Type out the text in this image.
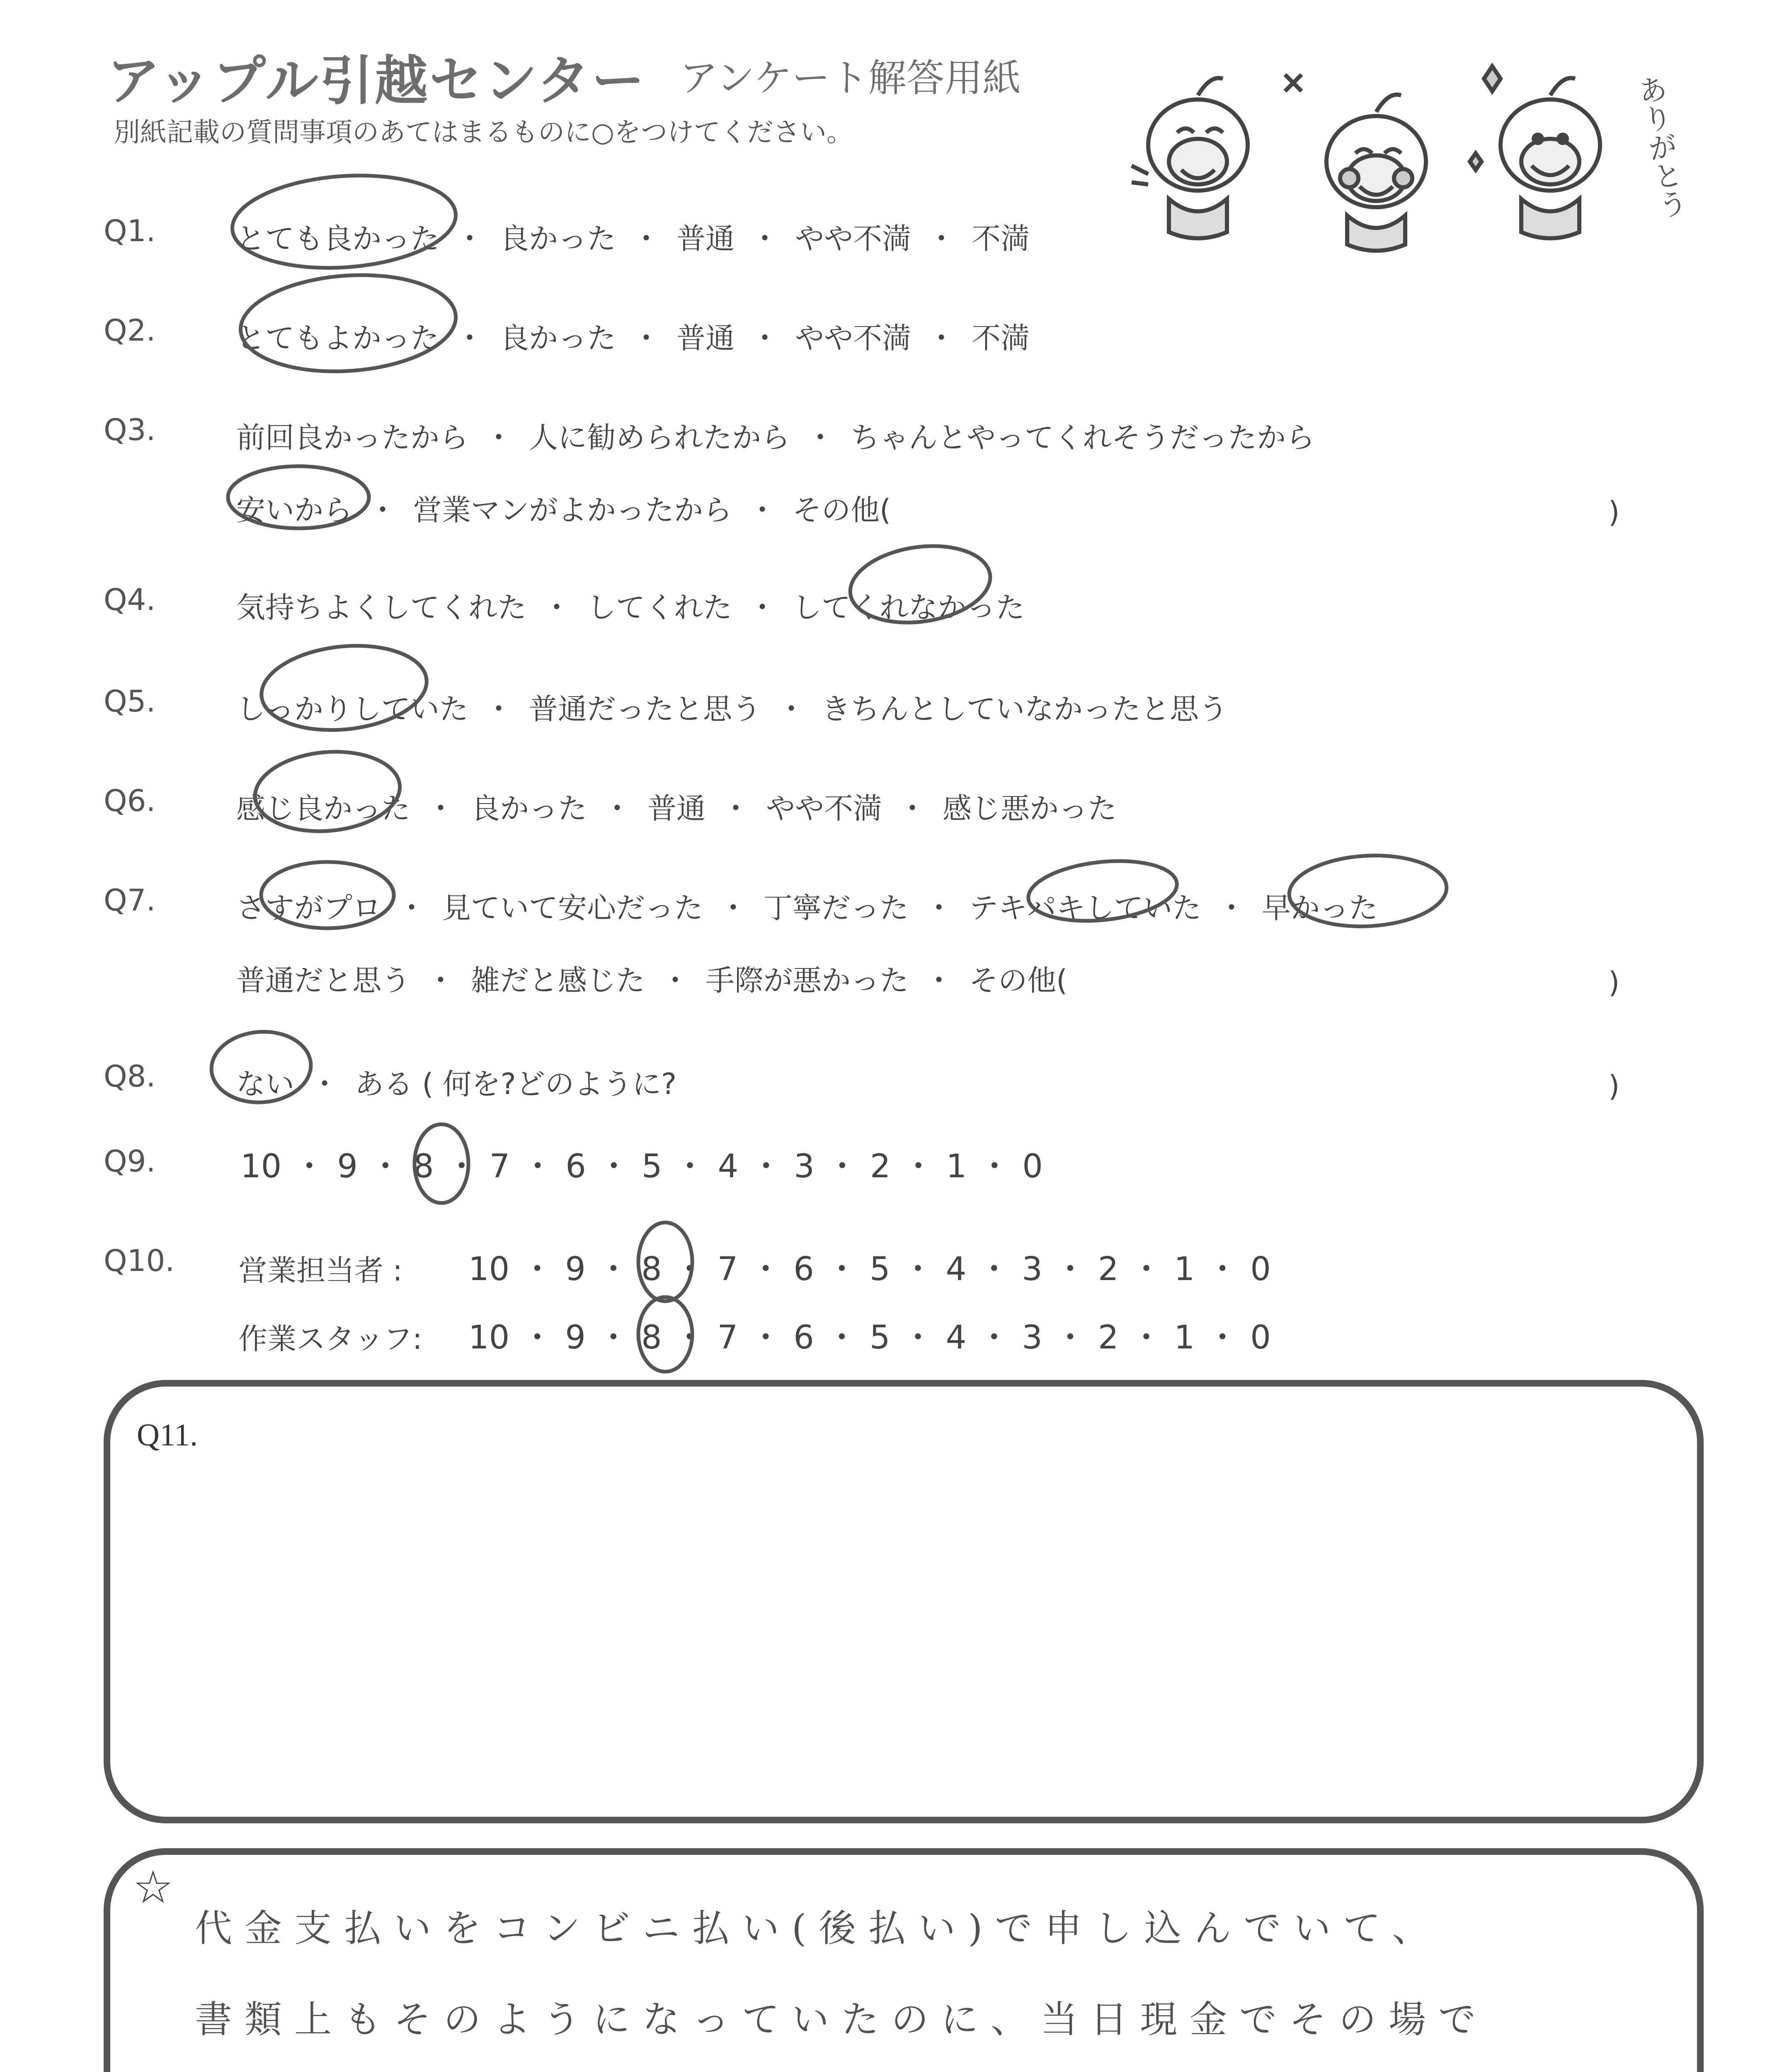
アップル引越センター アンケート解答用紙
別紙記載の質問事項のあてはまるものに○をつけてください。	ありがとう
Q1.	とても良かった ・ 良かった ・ 普通 ・ やや不満 ・ 不満
Q2.	とてもよかった ・ 良かった ・ 普通 ・ やや不満 ・ 不満
Q3.	前回良かったから ・ 人に勧められたから ・ ちゃんとやってくれそうだったから
安いから ・ 営業マンがよかったから ・ その他(	)
Q4.	気持ちよくしてくれた ・ してくれた ・ してくれなかった
Q5.	しっかりしていた ・ 普通だったと思う ・ きちんとしていなかったと思う
Q6.	感じ良かった ・ 良かった ・ 普通 ・ やや不満 ・ 感じ悪かった
Q7.	さすがプロ ・ 見ていて安心だった ・ 丁寧だった ・ テキパキしていた ・ 早かった
普通だと思う ・ 雑だと感じた ・ 手際が悪かった ・ その他(	)
Q8.	ない ・ ある ( 何を?どのように?	)
Q9.	10 ・ 9 ・ 8 ・ 7 ・ 6 ・ 5 ・ 4 ・ 3 ・ 2 ・ 1 ・ 0
Q10. 営業担当者 : 10 ・ 9 ・ 8 ・ 7 ・ 6 ・ 5 ・ 4 ・ 3 ・ 2 ・ 1 ・ 0
作業スタッフ: 10 ・ 9 ・ 8 ・ 7 ・ 6 ・ 5 ・ 4 ・ 3 ・ 2 ・ 1 ・ 0
Q11.
☆
代金支払いをコンビニ払い(後払い)で申し込んでいて、
書類上もそのようになっていたのに、当日現金でその場で
